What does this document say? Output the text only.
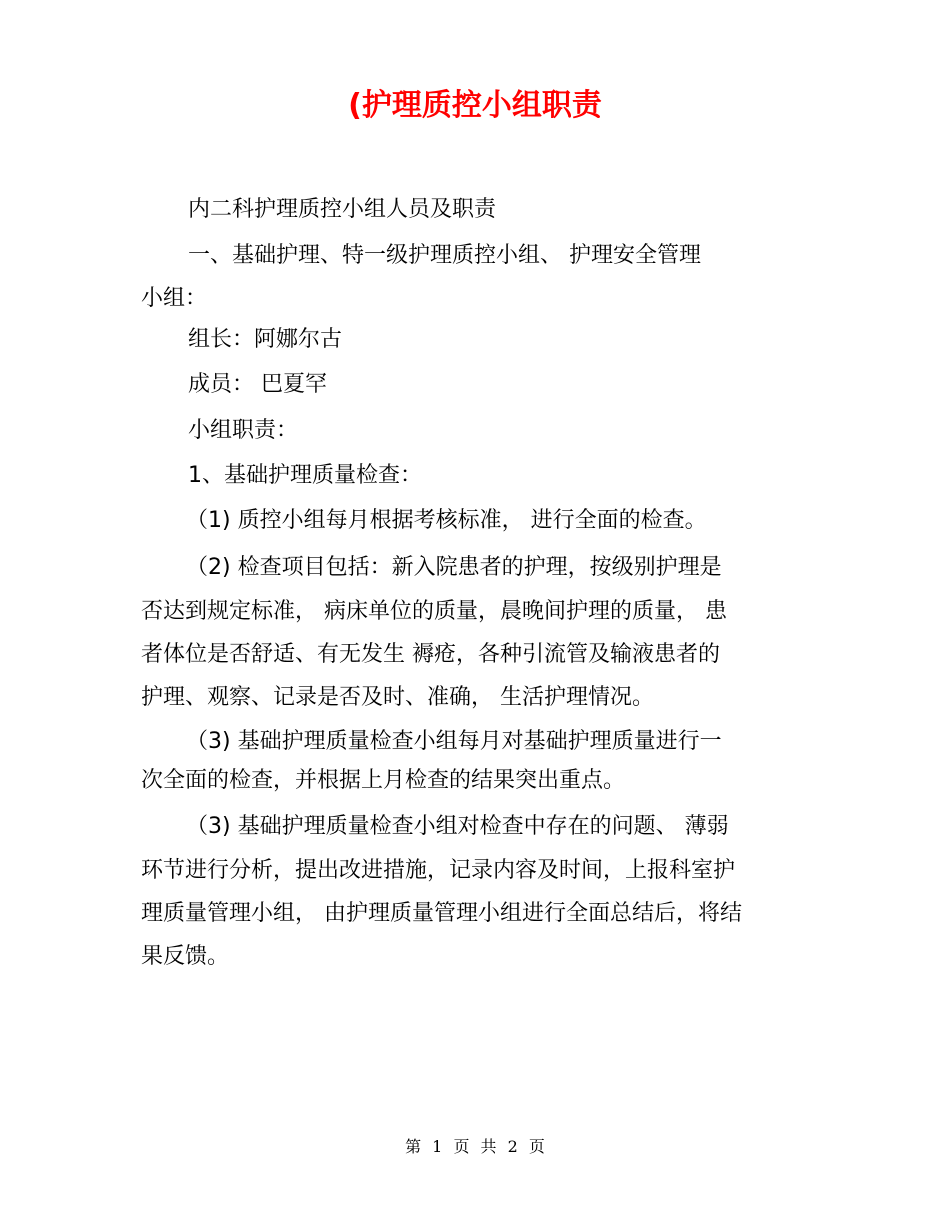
(护理质控小组职责
内二科护理质控小组人员及职责
一、基础护理、特一级护理质控小组、 护理安全管理
小组：
组长：阿娜尔古
成员： 巴夏罕
小组职责：
1、基础护理质量检查：
（1) 质控小组每月根据考核标准， 进行全面的检查。
（2) 检查项目包括：新入院患者的护理，按级别护理是
否达到规定标准， 病床单位的质量，晨晚间护理的质量， 患
者体位是否舒适、有无发生 褥疮，各种引流管及输液患者的
护理、观察、记录是否及时、准确， 生活护理情况。
（3) 基础护理质量检查小组每月对基础护理质量进行一
次全面的检查，并根据上月检查的结果突出重点。
（3) 基础护理质量检查小组对检查中存在的问题、 薄弱
环节进行分析，提出改进措施，记录内容及时间，上报科室护
理质量管理小组， 由护理质量管理小组进行全面总结后，将结
果反馈。
第 1 页 共 2 页
